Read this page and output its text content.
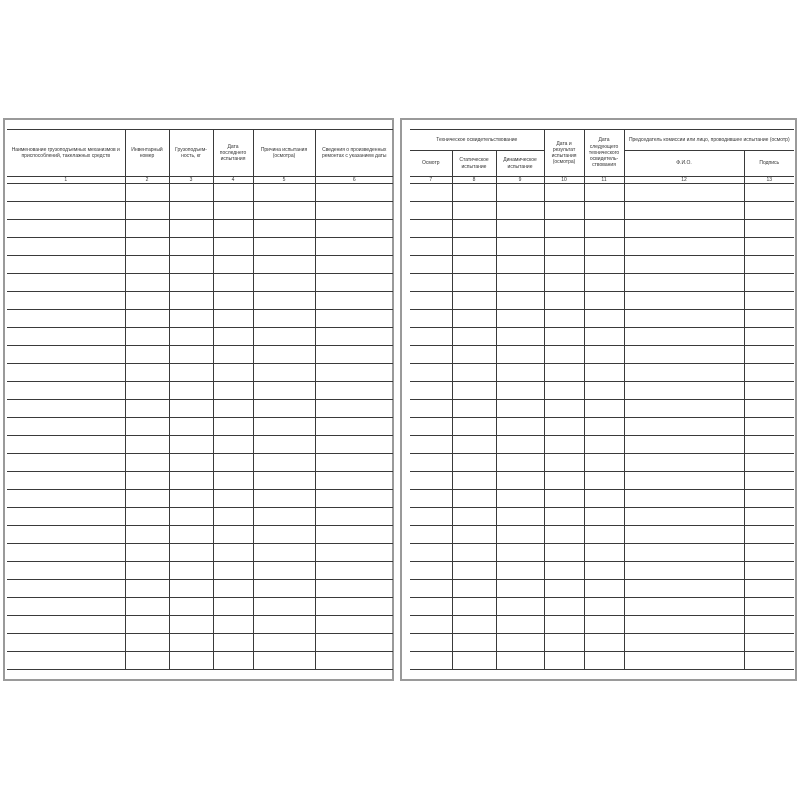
Наименование грузоподъемных механизмов и приспособлений, такелажных средств	Инвентарный номер	Грузоподъем-ность, кг	Дата последнего испытания	Причина испытания (осмотра)	Сведения о произведенных ремонтах с указанием даты
1	2	3	4	5	6

Техническое освидетельствование			Дата и результат испытания (осмотра)	Дата следующего технического освидетель-ствования	Председатель комиссии или лицо, проводившее испытание (осмотр)	
Осмотр	Статическое испытание	Динамическое испытание			Ф.И.О.	Подпись
7	8	9	10	11	12	13
